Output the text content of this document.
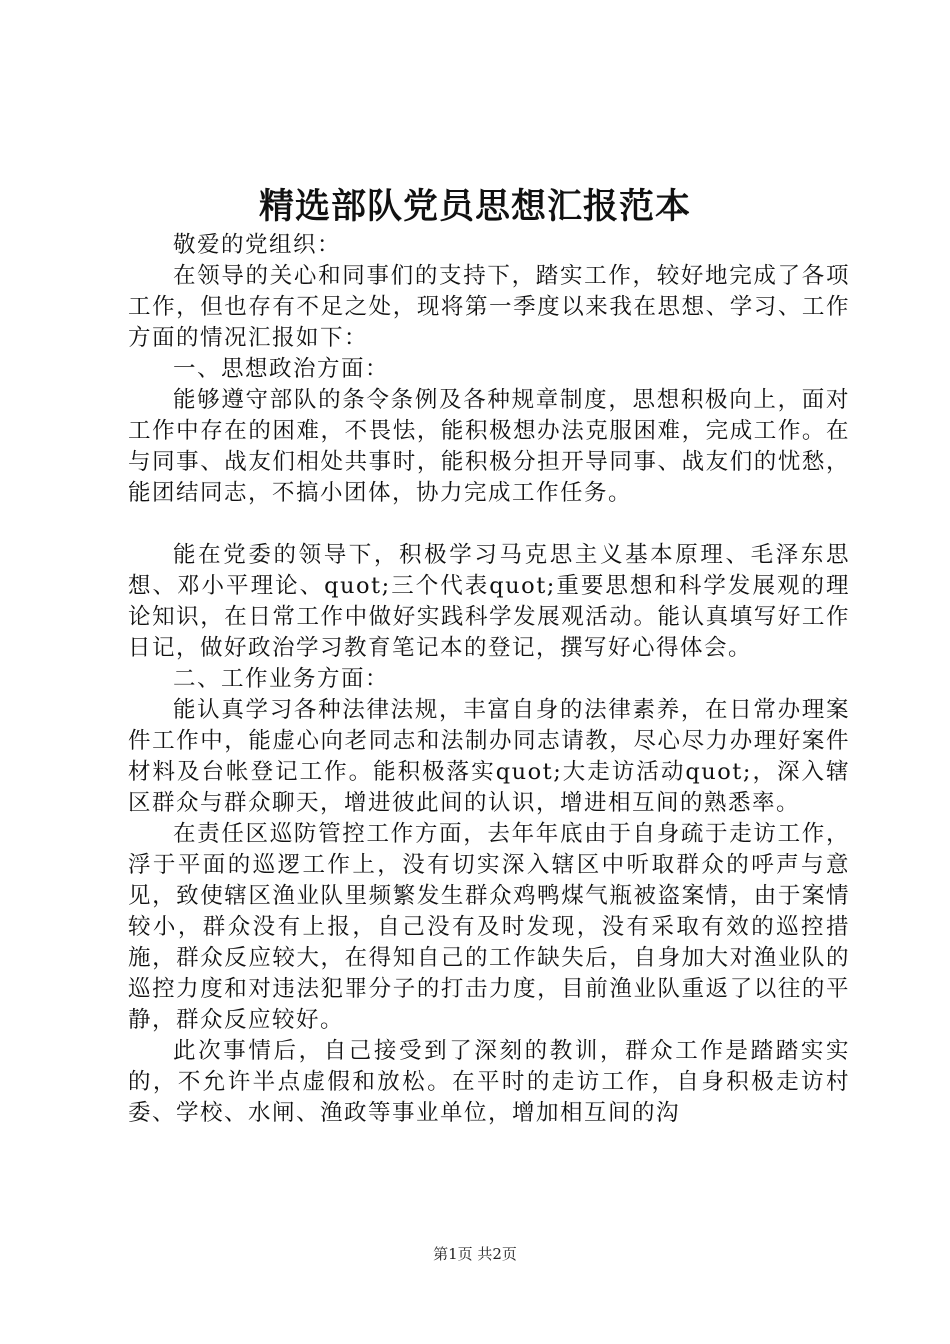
精选部队党员思想汇报范本

敬爱的党组织：

在领导的关心和同事们的支持下，踏实工作，较好地完成了各项工作，但也存有不足之处，现将第一季度以来我在思想、学习、工作方面的情况汇报如下：

一、思想政治方面：

能够遵守部队的条令条例及各种规章制度，思想积极向上，面对工作中存在的困难，不畏怯，能积极想办法克服困难，完成工作。在与同事、战友们相处共事时，能积极分担开导同事、战友们的忧愁，能团结同志，不搞小团体，协力完成工作任务。

能在党委的领导下，积极学习马克思主义基本原理、毛泽东思想、邓小平理论、quot;三个代表quot;重要思想和科学发展观的理论知识，在日常工作中做好实践科学发展观活动。能认真填写好工作日记，做好政治学习教育笔记本的登记，撰写好心得体会。

二、工作业务方面：

能认真学习各种法律法规，丰富自身的法律素养，在日常办理案件工作中，能虚心向老同志和法制办同志请教，尽心尽力办理好案件材料及台帐登记工作。能积极落实quot;大走访活动quot;，深入辖区群众与群众聊天，增进彼此间的认识，增进相互间的熟悉率。

在责任区巡防管控工作方面，去年年底由于自身疏于走访工作，浮于平面的巡逻工作上，没有切实深入辖区中听取群众的呼声与意见，致使辖区渔业队里频繁发生群众鸡鸭煤气瓶被盗案情，由于案情较小，群众没有上报，自己没有及时发现，没有采取有效的巡控措施，群众反应较大，在得知自己的工作缺失后，自身加大对渔业队的巡控力度和对违法犯罪分子的打击力度，目前渔业队重返了以往的平静，群众反应较好。

此次事情后，自己接受到了深刻的教训，群众工作是踏踏实实的，不允许半点虚假和放松。在平时的走访工作，自身积极走访村委、学校、水闸、渔政等事业单位，增加相互间的沟

第1页 共2页
